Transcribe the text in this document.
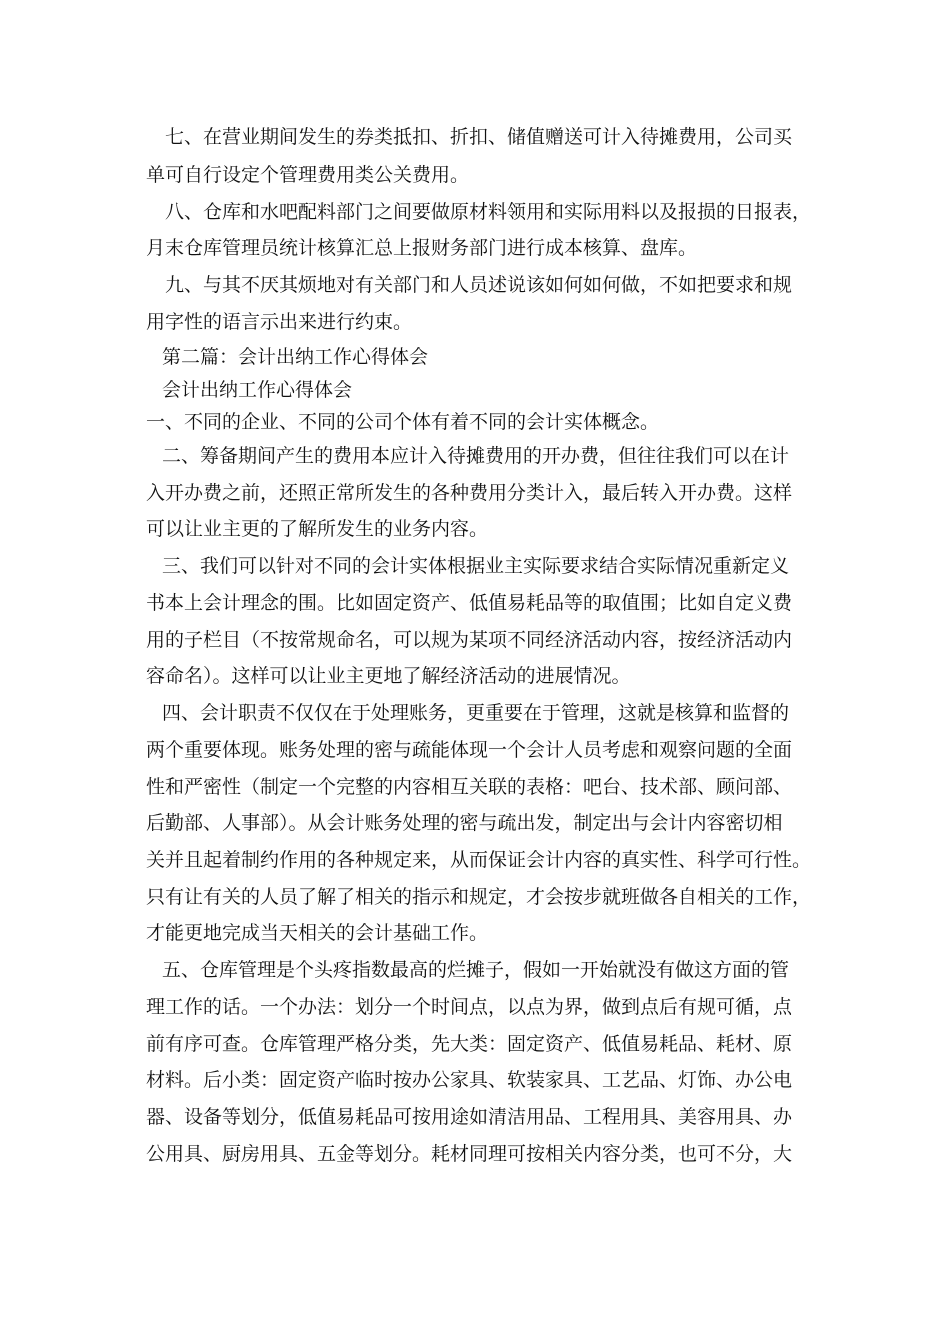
七、在营业期间发生的券类抵扣、折扣、储值赠送可计入待摊费用，公司买
单可自行设定个管理费用类公关费用。
八、仓库和水吧配料部门之间要做原材料领用和实际用料以及报损的日报表，
月末仓库管理员统计核算汇总上报财务部门进行成本核算、盘库。
九、与其不厌其烦地对有关部门和人员述说该如何如何做，不如把要求和规
用字性的语言示出来进行约束。
第二篇：会计出纳工作心得体会
会计出纳工作心得体会
一、不同的企业、不同的公司个体有着不同的会计实体概念。
二、筹备期间产生的费用本应计入待摊费用的开办费，但往往我们可以在计
入开办费之前，还照正常所发生的各种费用分类计入，最后转入开办费。这样
可以让业主更的了解所发生的业务内容。
三、我们可以针对不同的会计实体根据业主实际要求结合实际情况重新定义
书本上会计理念的围。比如固定资产、低值易耗品等的取值围；比如自定义费
用的子栏目（不按常规命名，可以规为某项不同经济活动内容，按经济活动内
容命名）。这样可以让业主更地了解经济活动的进展情况。
四、会计职责不仅仅在于处理账务，更重要在于管理，这就是核算和监督的
两个重要体现。账务处理的密与疏能体现一个会计人员考虑和观察问题的全面
性和严密性（制定一个完整的内容相互关联的表格：吧台、技术部、顾问部、
后勤部、人事部）。从会计账务处理的密与疏出发，制定出与会计内容密切相
关并且起着制约作用的各种规定来，从而保证会计内容的真实性、科学可行性。
只有让有关的人员了解了相关的指示和规定，才会按步就班做各自相关的工作，
才能更地完成当天相关的会计基础工作。
五、仓库管理是个头疼指数最高的烂摊子，假如一开始就没有做这方面的管
理工作的话。一个办法：划分一个时间点，以点为界，做到点后有规可循，点
前有序可查。仓库管理严格分类，先大类：固定资产、低值易耗品、耗材、原
材料。后小类：固定资产临时按办公家具、软装家具、工艺品、灯饰、办公电
器、设备等划分，低值易耗品可按用途如清洁用品、工程用具、美容用具、办
公用具、厨房用具、五金等划分。耗材同理可按相关内容分类，也可不分，大
